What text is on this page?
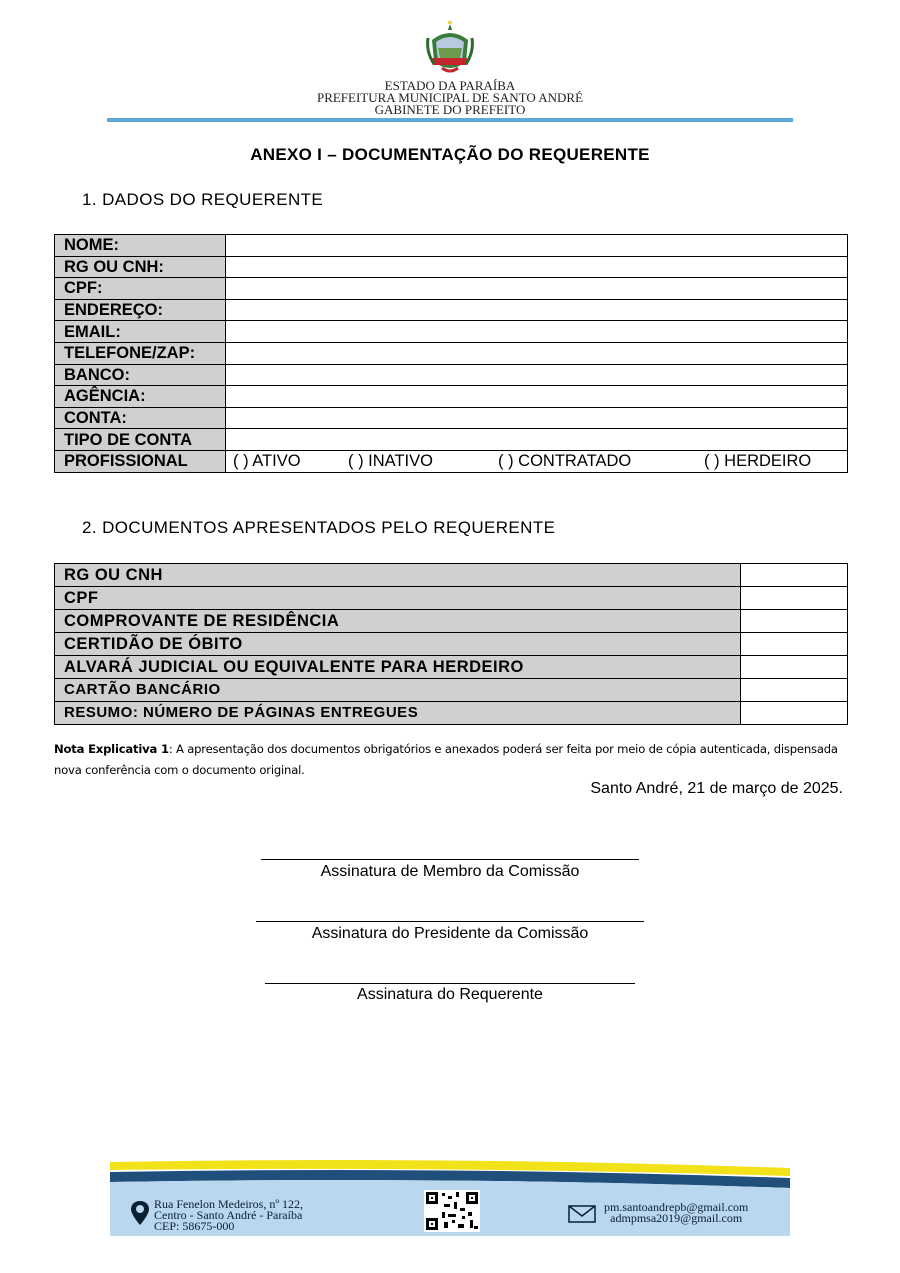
ESTADO DA PARAÍBA
PREFEITURA MUNICIPAL DE SANTO ANDRÉ
GABINETE DO PREFEITO
ANEXO I – DOCUMENTAÇÃO DO REQUERENTE
1. DADOS DO REQUERENTE
NOME:	
RG OU CNH:	
CPF:	
ENDEREÇO:	
EMAIL:	
TELEFONE/ZAP:	
BANCO:	
AGÊNCIA:	
CONTA:	
TIPO DE CONTA	
PROFISSIONAL	( ) ATIVO ( ) INATIVO ( ) CONTRATADO ( ) HERDEIRO
2. DOCUMENTOS APRESENTADOS PELO REQUERENTE
RG OU CNH	
CPF	
COMPROVANTE DE RESIDÊNCIA	
CERTIDÃO DE ÓBITO	
ALVARÁ JUDICIAL OU EQUIVALENTE PARA HERDEIRO	
CARTÃO BANCÁRIO	
RESUMO: NÚMERO DE PÁGINAS ENTREGUES	
Nota Explicativa 1: A apresentação dos documentos obrigatórios e anexados poderá ser feita por meio de cópia autenticada, dispensada nova conferência com o documento original.
Santo André, 21 de março de 2025.
Assinatura de Membro da Comissão
Assinatura do Presidente da Comissão
Assinatura do Requerente
Rua Fenelon Medeiros, nº 122,
Centro - Santo André - Paraíba
CEP: 58675-000
pm.santoandrepb@gmail.com
admpmsa2019@gmail.com
